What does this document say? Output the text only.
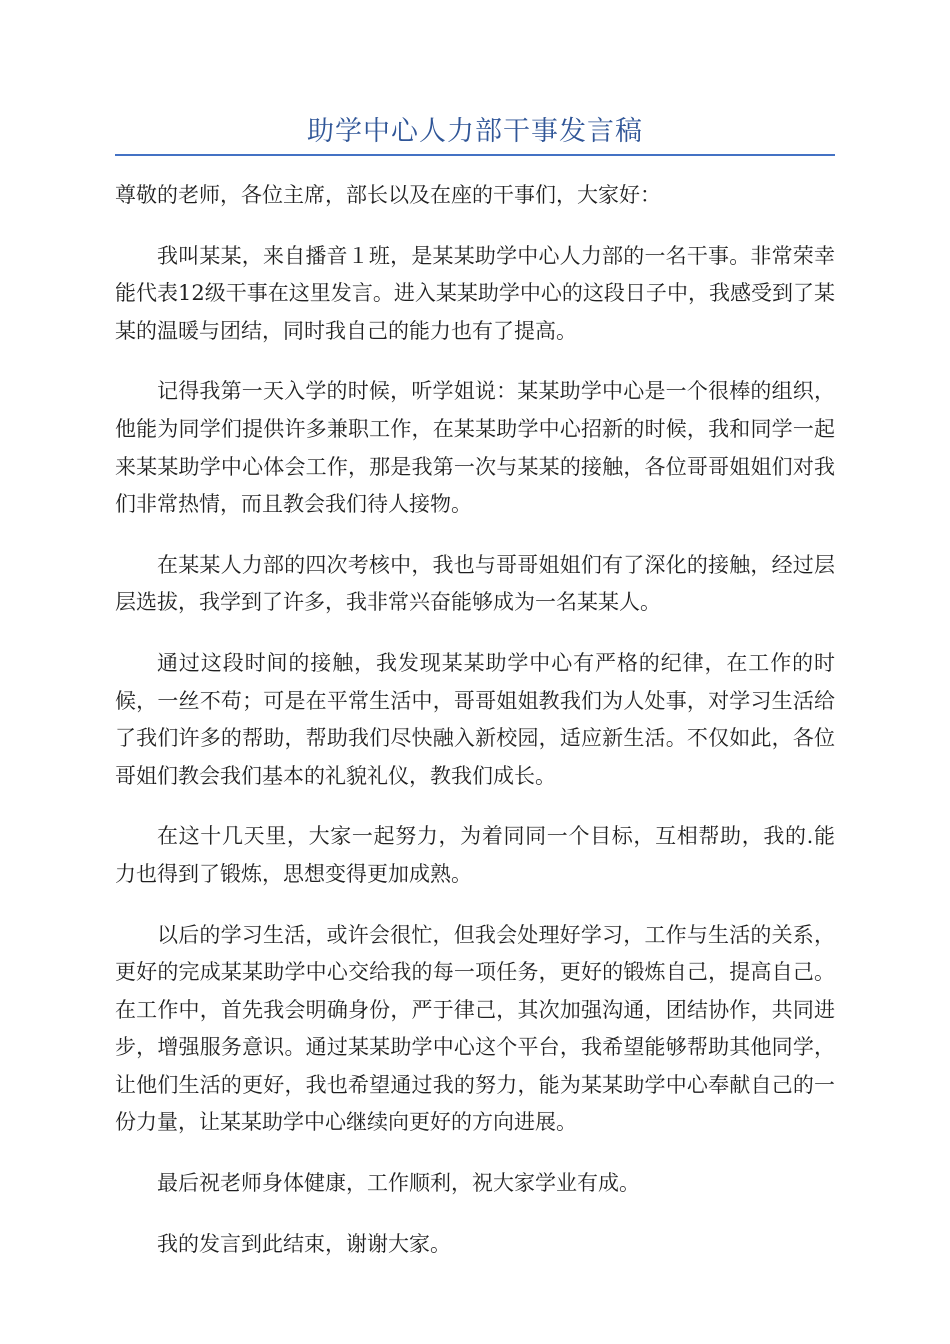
助学中心人力部干事发言稿

尊敬的老师，各位主席，部长以及在座的干事们，大家好：

我叫某某，来自播音１班，是某某助学中心人力部的一名干事。非常荣幸能代表12级干事在这里发言。进入某某助学中心的这段日子中，我感受到了某某的温暖与团结，同时我自己的能力也有了提高。

记得我第一天入学的时候，听学姐说：某某助学中心是一个很棒的组织，他能为同学们提供许多兼职工作，在某某助学中心招新的时候，我和同学一起来某某助学中心体会工作，那是我第一次与某某的接触，各位哥哥姐姐们对我们非常热情，而且教会我们待人接物。

在某某人力部的四次考核中，我也与哥哥姐姐们有了深化的接触，经过层层选拔，我学到了许多，我非常兴奋能够成为一名某某人。

通过这段时间的接触，我发现某某助学中心有严格的纪律，在工作的时候，一丝不苟；可是在平常生活中，哥哥姐姐教我们为人处事，对学习生活给了我们许多的帮助，帮助我们尽快融入新校园，适应新生活。不仅如此，各位哥姐们教会我们基本的礼貌礼仪，教我们成长。

在这十几天里，大家一起努力，为着同同一个目标，互相帮助，我的.能力也得到了锻炼，思想变得更加成熟。

以后的学习生活，或许会很忙，但我会处理好学习，工作与生活的关系，更好的完成某某助学中心交给我的每一项任务，更好的锻炼自己，提高自己。在工作中，首先我会明确身份，严于律己，其次加强沟通，团结协作，共同进步，增强服务意识。通过某某助学中心这个平台，我希望能够帮助其他同学，让他们生活的更好，我也希望通过我的努力，能为某某助学中心奉献自己的一份力量，让某某助学中心继续向更好的方向进展。

最后祝老师身体健康，工作顺利，祝大家学业有成。

我的发言到此结束，谢谢大家。
